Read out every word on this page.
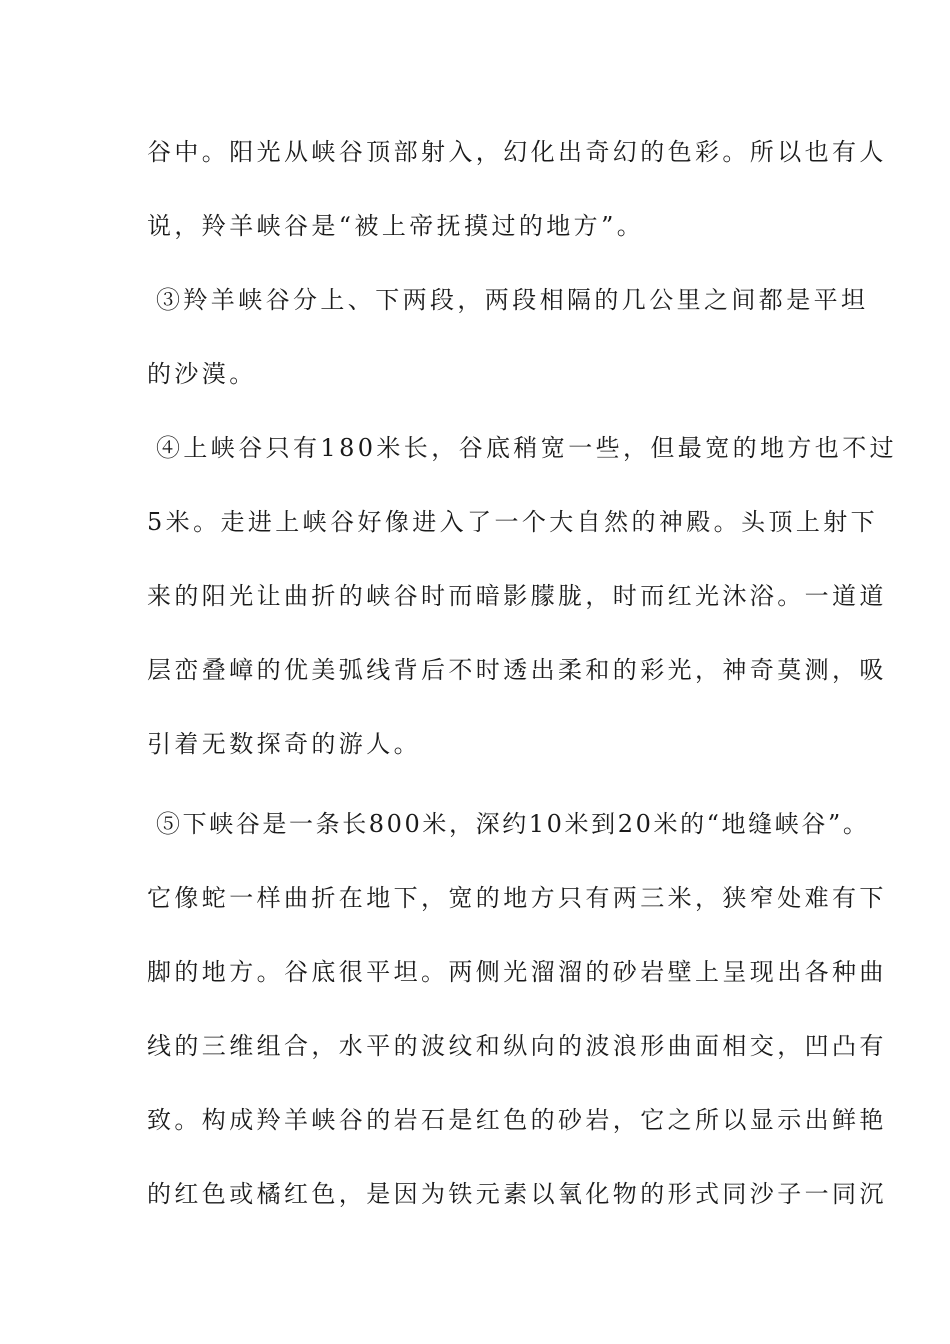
谷中。阳光从峡谷顶部射入，幻化出奇幻的色彩。所以也有人
说，羚羊峡谷是“被上帝抚摸过的地方”。
③羚羊峡谷分上、下两段，两段相隔的几公里之间都是平坦
的沙漠。
④上峡谷只有180米长，谷底稍宽一些，但最宽的地方也不过
5米。走进上峡谷好像进入了一个大自然的神殿。头顶上射下
来的阳光让曲折的峡谷时而暗影朦胧，时而红光沐浴。一道道
层峦叠嶂的优美弧线背后不时透出柔和的彩光，神奇莫测，吸
引着无数探奇的游人。
⑤下峡谷是一条长800米，深约10米到20米的“地缝峡谷”。
它像蛇一样曲折在地下，宽的地方只有两三米，狭窄处难有下
脚的地方。谷底很平坦。两侧光溜溜的砂岩壁上呈现出各种曲
线的三维组合，水平的波纹和纵向的波浪形曲面相交，凹凸有
致。构成羚羊峡谷的岩石是红色的砂岩，它之所以显示出鲜艳
的红色或橘红色，是因为铁元素以氧化物的形式同沙子一同沉
